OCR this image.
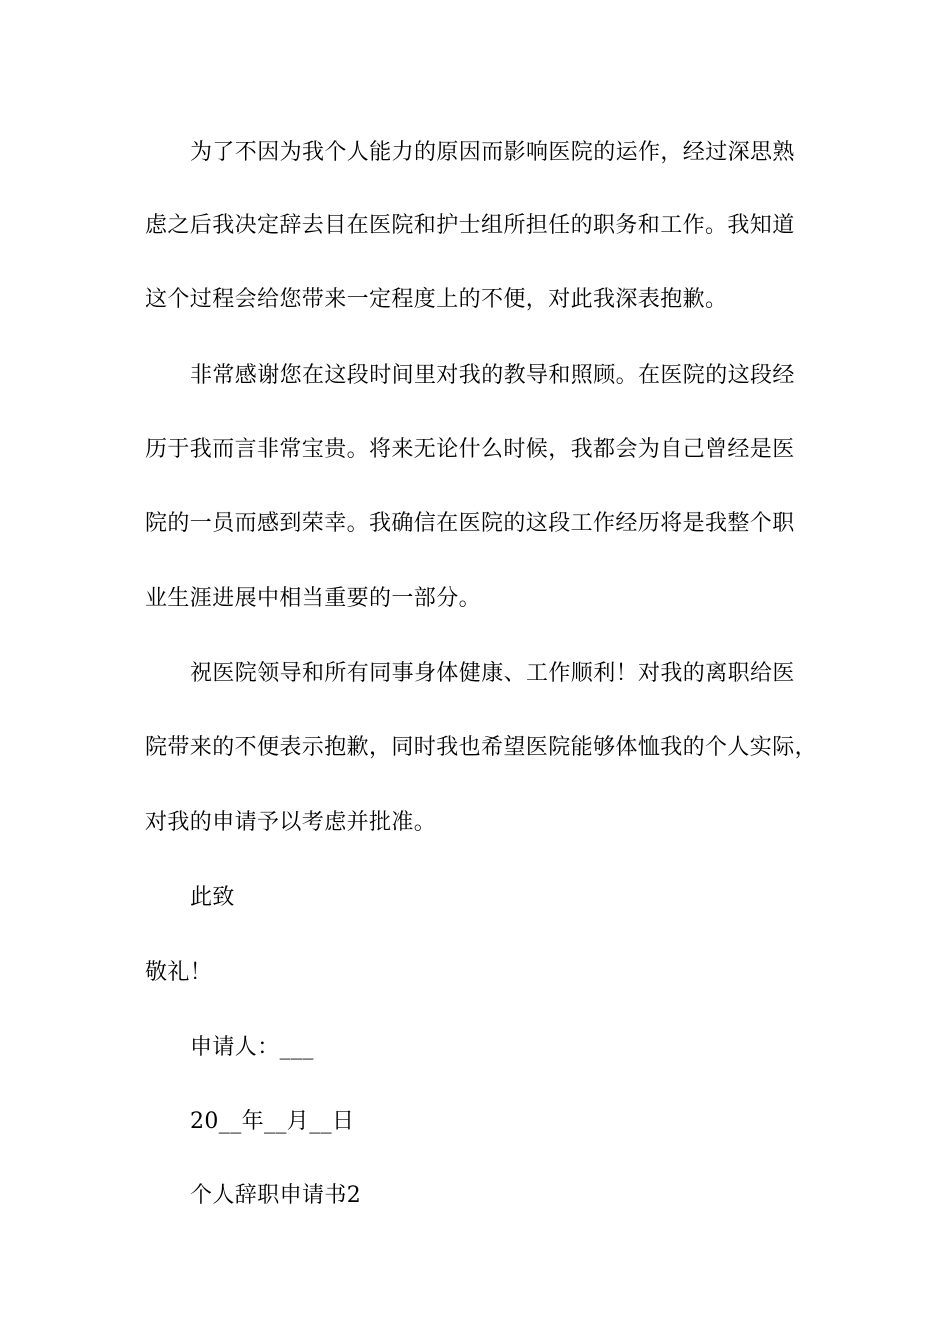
为了不因为我个人能力的原因而影响医院的运作，经过深思熟
虑之后我决定辞去目在医院和护士组所担任的职务和工作。我知道
这个过程会给您带来一定程度上的不便，对此我深表抱歉。
非常感谢您在这段时间里对我的教导和照顾。在医院的这段经
历于我而言非常宝贵。将来无论什么时候，我都会为自己曾经是医
院的一员而感到荣幸。我确信在医院的这段工作经历将是我整个职
业生涯进展中相当重要的一部分。
祝医院领导和所有同事身体健康、工作顺利！对我的离职给医
院带来的不便表示抱歉，同时我也希望医院能够体恤我的个人实际，
对我的申请予以考虑并批准。
此致
敬礼！
申请人：___
20__年__月__日
个人辞职申请书2
